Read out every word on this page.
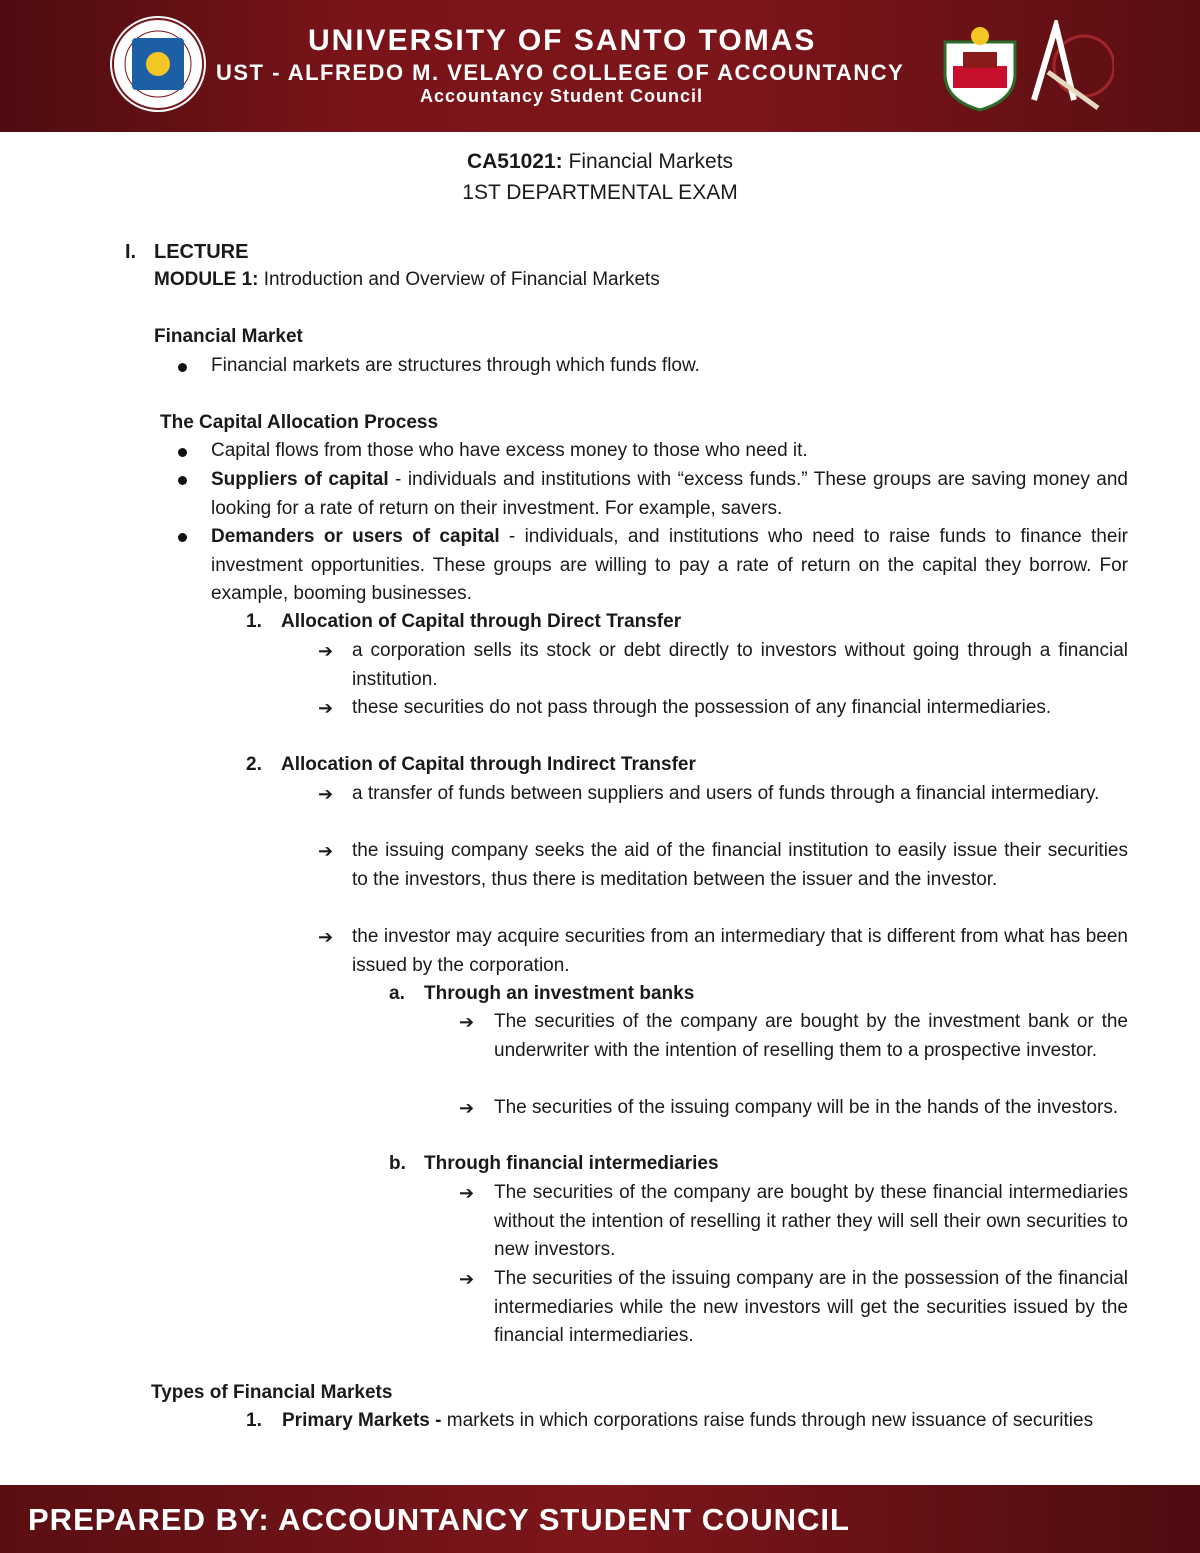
UNIVERSITY OF SANTO TOMAS
UST - ALFREDO M. VELAYO COLLEGE OF ACCOUNTANCY
Accountancy Student Council
CA51021: Financial Markets
1ST DEPARTMENTAL EXAM
I. LECTURE
MODULE 1: Introduction and Overview of Financial Markets
Financial Market
Financial markets are structures through which funds flow.
The Capital Allocation Process
Capital flows from those who have excess money to those who need it.
Suppliers of capital - individuals and institutions with “excess funds.” These groups are saving money and looking for a rate of return on their investment. For example, savers.
Demanders or users of capital - individuals, and institutions who need to raise funds to finance their investment opportunities. These groups are willing to pay a rate of return on the capital they borrow. For example, booming businesses.
1. Allocation of Capital through Direct Transfer
➔ a corporation sells its stock or debt directly to investors without going through a financial institution.
➔ these securities do not pass through the possession of any financial intermediaries.
2. Allocation of Capital through Indirect Transfer
➔ a transfer of funds between suppliers and users of funds through a financial intermediary.
➔ the issuing company seeks the aid of the financial institution to easily issue their securities to the investors, thus there is meditation between the issuer and the investor.
➔ the investor may acquire securities from an intermediary that is different from what has been issued by the corporation.
a. Through an investment banks
➔ The securities of the company are bought by the investment bank or the underwriter with the intention of reselling them to a prospective investor.
➔ The securities of the issuing company will be in the hands of the investors.
b. Through financial intermediaries
➔ The securities of the company are bought by these financial intermediaries without the intention of reselling it rather they will sell their own securities to new investors.
➔ The securities of the issuing company are in the possession of the financial intermediaries while the new investors will get the securities issued by the financial intermediaries.
Types of Financial Markets
1. Primary Markets - markets in which corporations raise funds through new issuance of securities
PREPARED BY: ACCOUNTANCY STUDENT COUNCIL
